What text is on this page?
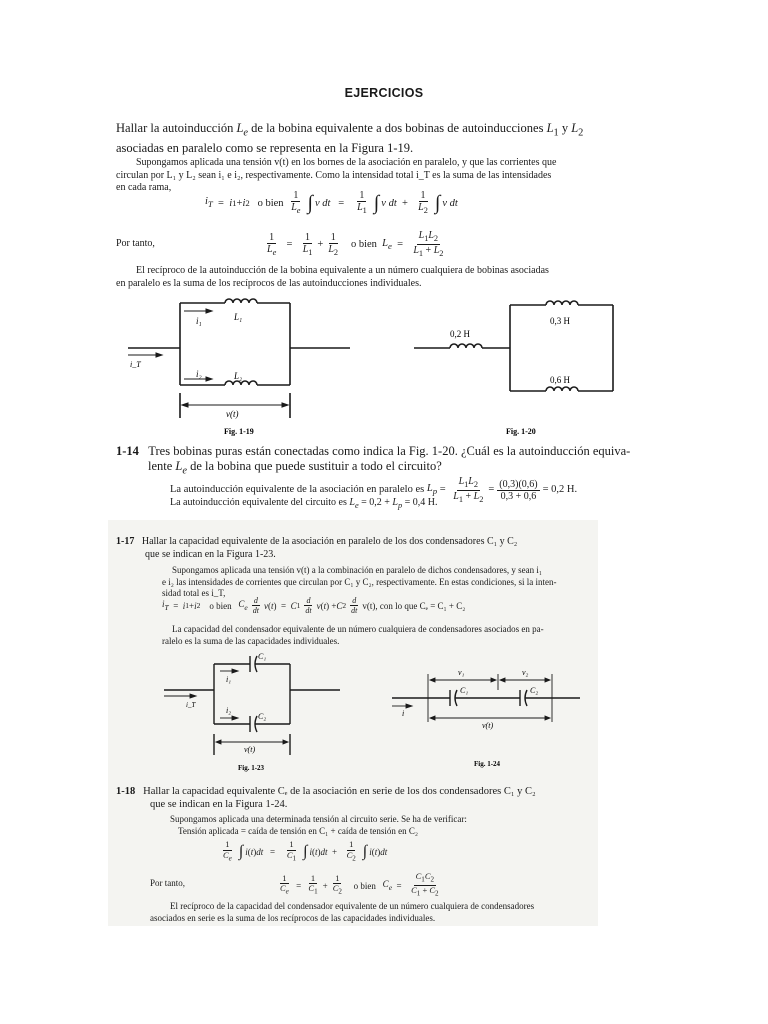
EJERCICIOS
Hallar la autoinducción $L_e$ de la bobina equivalente a dos bobinas de autoinducciones $L_1$ y $L_2$
asociadas en paralelo como se representa en la Figura 1-19.
Supongamos aplicada una tensión v(t) en los bornes de la asociación en paralelo, y que las corrientes que
circulan por L₁ y L₂ sean i₁ e i₂, respectivamente. Como la intensidad total i_T es la suma de las intensidades
en cada rama,
$i_T = i$ 1 + i 2
o bien
$\frac{1}{L_e}$ ∫ v dt = $\frac{1}{L_1}$ ∫ v dt + $\frac{1}{L_2}$ ∫ v dt
Por tanto,	$\frac{1}{L_e} = \frac{1}{L_1} + \frac{1}{L_2}$
o bien
$L_e = \frac{L_1L_2}{L_1 + L_2}$
El recíproco de la autoinducción de la bobina equivalente a un número cualquiera de bobinas asociadas
en paralelo es la suma de los recíprocos de las autoinducciones individuales.
i_T
i₁	L₁
i₂	L₂
v(t)
Fig. 1-19
0,2 H
0,3 H
0,6 H
Fig. 1-20
1-14 Tres bobinas puras están conectadas como indica la Fig. 1-20. ¿Cuál es la autoinducción equiva-
lente $L_e$ de la bobina que puede sustituir a todo el circuito?
La autoinducción equivalente de la asociación en paralelo es $L_p = \frac{L_1L_2}{L_1 + L_2} = \frac{(0,3)(0,6)}{0,3 + 0,6} = 0,2$ H.
La autoinducción equivalente del circuito es $L_e = 0,2 + L_p = 0,4$ H.
1-17 Hallar la capacidad equivalente de la asociación en paralelo de los dos condensadores C₁ y C₂
que se indican en la Figura 1-23.
Supongamos aplicada una tensión v(t) a la combinación en paralelo de dichos condensadores, y sean i₁
e i₂ las intensidades de corrientes que circulan por C₁ y C₂, respectivamente. En estas condiciones, si la inten-
sidad total es i_T,
$i_T = i$ 1 + i 2 o bien $C_e \frac{d}{dt}$ v ( t )  = C $1 \frac{d}{dt}$ v ( t ) + C $2 \frac{d}{dt} v(t)$, con lo que Cₑ = C₁ + C₂
La capacidad del condensador equivalente de un número cualquiera de condensadores asociados en pa-
ralelo es la suma de las capacidades individuales.
i_T
i₁
C₁
i₂
C₂
v(t)
Fig. 1-23
v₁	v₂
C₁	C₂
i
v(t)
Fig. 1-24
1-18 Hallar la capacidad equivalente Cₑ de la asociación en serie de los dos condensadores C₁ y C₂
que se indican en la Figura 1-24.
Supongamos aplicada una determinada tensión al circuito serie. Se ha de verificar:
Tensión aplicada = caída de tensión en C₁ + caída de tensión en C₂
$\frac{1}{C_e}$ ∫ i ( t ) dt = $\frac{1}{C_1}$ ∫ i ( t ) dt + $\frac{1}{C_2}$ ∫ i ( t ) dt
Por tanto,	$\frac{1}{C_e} = \frac{1}{C_1} + \frac{1}{C_2}$
o bien
$C_e = \frac{C_1C_2}{C_1 + C_2}$
El recíproco de la capacidad del condensador equivalente de un número cualquiera de condensadores
asociados en serie es la suma de los recíprocos de las capacidades individuales.
